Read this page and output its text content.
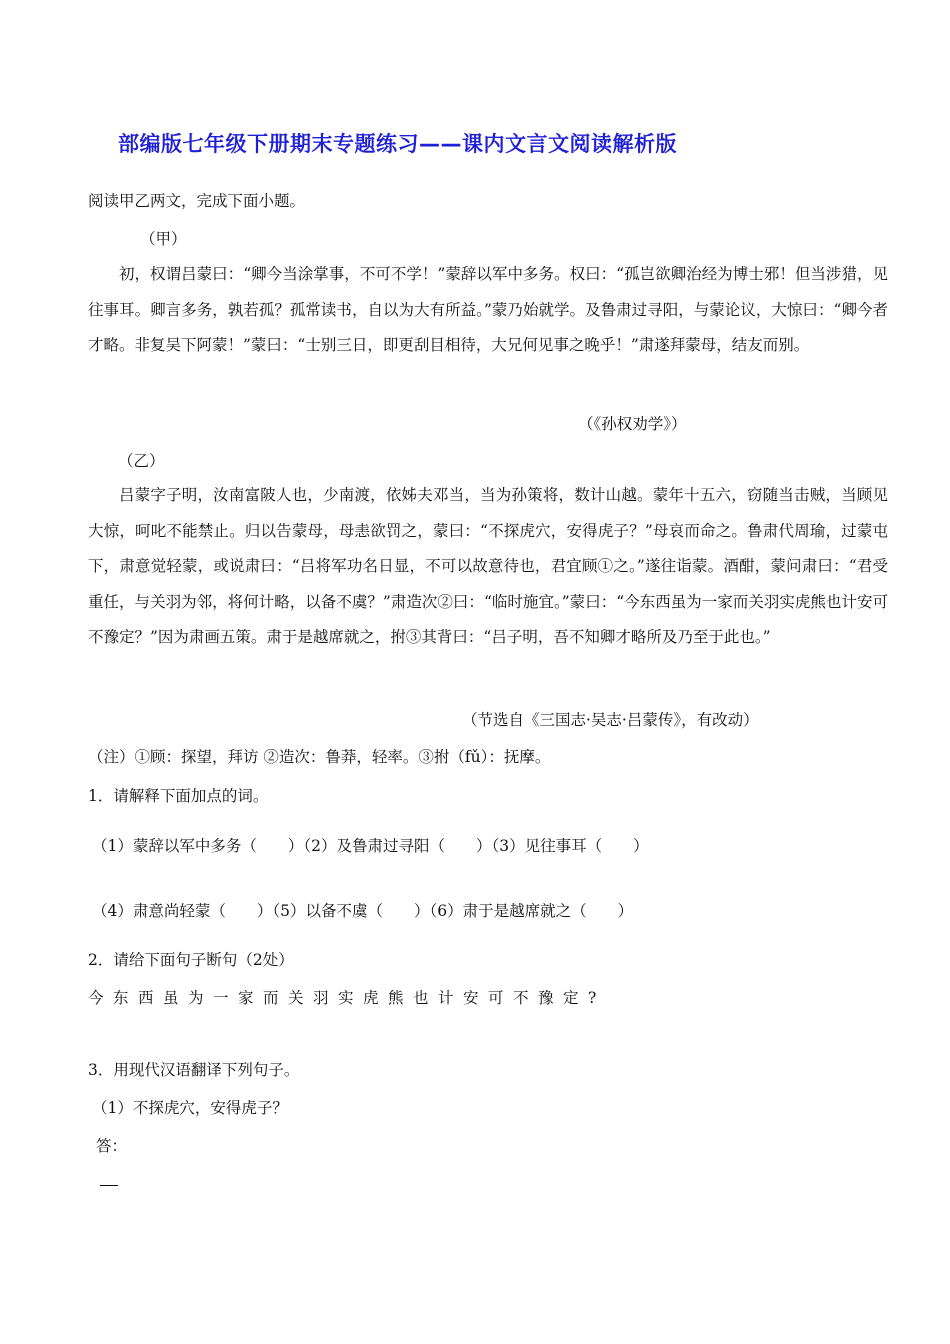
部编版七年级下册期末专题练习——课内文言文阅读解析版
阅读甲乙两文，完成下面小题。
（甲）
初，权谓吕蒙曰：“卿今当涂掌事，不可不学！”蒙辞以军中多务。权曰：“孤岂欲卿治经为博士邪！但当涉猎，见往事耳。卿言多务，孰若孤？孤常读书，自以为大有所益。”蒙乃始就学。及鲁肃过寻阳，与蒙论议，大惊曰：“卿今者才略。非复吴下阿蒙！”蒙曰：“士别三日，即更刮目相待，大兄何见事之晚乎！”肃遂拜蒙母，结友而别。
（《孙权劝学》）
（乙）
吕蒙字子明，汝南富陂人也，少南渡，依姊夫邓当，当为孙策将，数计山越。蒙年十五六，窃随当击贼，当顾见大惊，呵叱不能禁止。归以告蒙母，母恚欲罚之，蒙曰：“不探虎穴，安得虎子？”母哀而命之。鲁肃代周瑜，过蒙屯下，肃意觉轻蒙，或说肃曰：“吕将军功名日显，不可以故意待也，君宜顾①之。”遂往诣蒙。酒酣，蒙问肃曰：“君受重任，与关羽为邻，将何计略，以备不虞？”肃造次②曰：“临时施宜。”蒙曰：“今东西虽为一家而关羽实虎熊也计安可不豫定？”因为肃画五策。肃于是越席就之，拊③其背曰：“吕子明，吾不知卿才略所及乃至于此也。”
（节选自《三国志·吴志·吕蒙传》，有改动）
（注）①顾：探望，拜访 ②造次：鲁莽，轻率。③拊（fǔ）：抚摩。
1．请解释下面加点的词。
（1）蒙辞以军中多务（　　）（2）及鲁肃过寻阳（　　）（3）见往事耳（　　）
（4）肃意尚轻蒙（　　）（5）以备不虞（　　）（6）肃于是越席就之（　　）
2．请给下面句子断句（2处）
今东西虽为一家而关羽实虎熊也计安可不豫定?
3．用现代汉语翻译下列句子。
（1）不探虎穴，安得虎子？
答：
